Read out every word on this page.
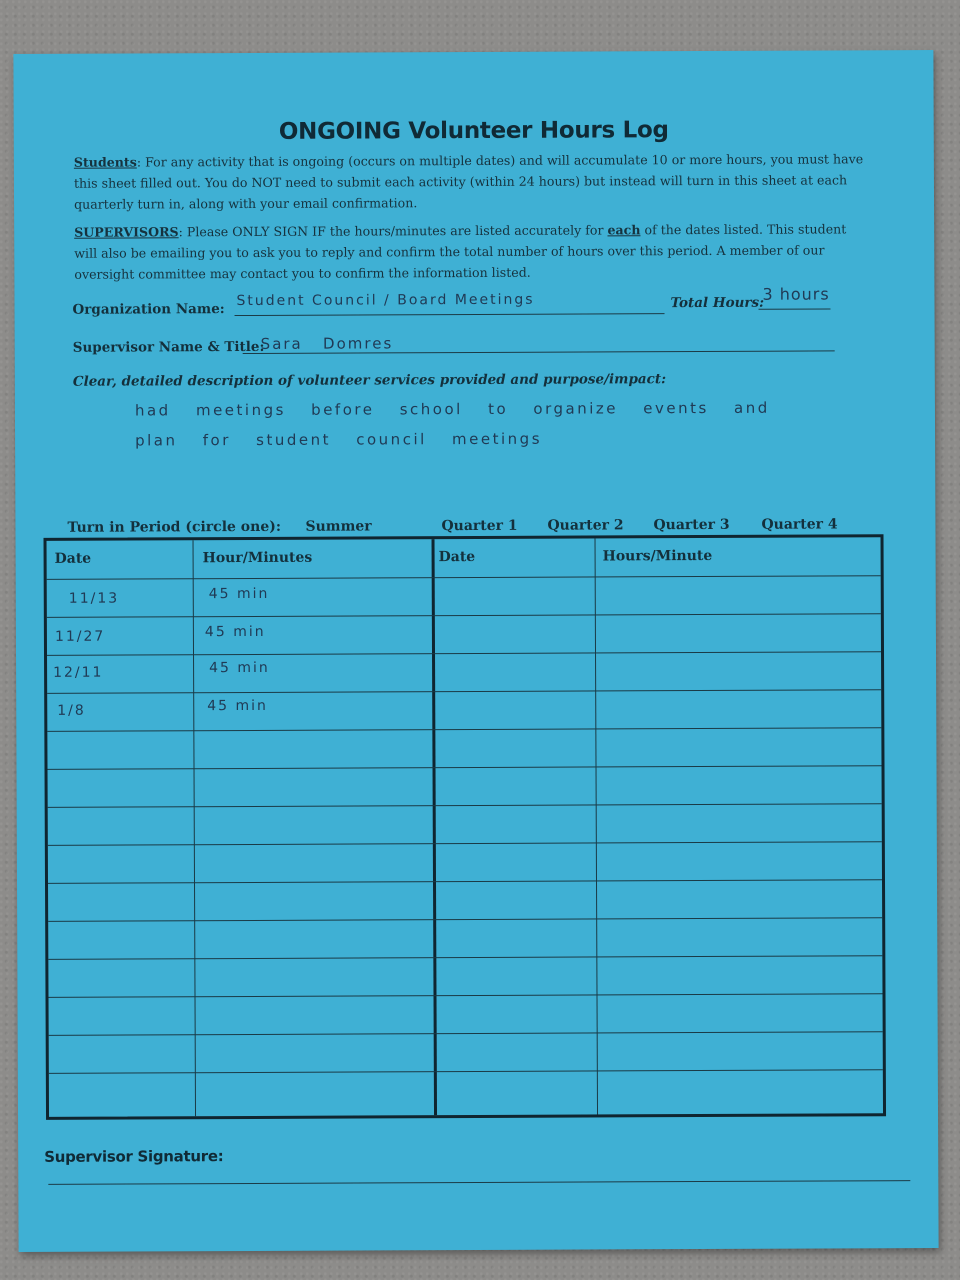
ONGOING Volunteer Hours Log
Students: For any activity that is ongoing (occurs on multiple dates) and will accumulate 10 or more hours, you must have this sheet filled out. You do NOT need to submit each activity (within 24 hours) but instead will turn in this sheet at each quarterly turn in, along with your email confirmation.
SUPERVISORS: Please ONLY SIGN IF the hours/minutes are listed accurately for each of the dates listed. This student will also be emailing you to ask you to reply and confirm the total number of hours over this period. A member of our oversight committee may contact you to confirm the information listed.
Organization Name:
Student Council / Board Meetings	Total Hours:
3 hours
Supervisor Name & Title:
Sara   Domres
Clear, detailed description of volunteer services provided and purpose/impact:
had meetings before school to organize events and plan for student council meetings
Turn in Period (circle one): Summer	Quarter 1 Quarter 2 Quarter 3 Quarter 4
Date	Hour/Minutes	Date	Hours/Minute
11/13	45 min
11/27	45 min
12/11	45 min
1/8	45 min
Supervisor Signature:
